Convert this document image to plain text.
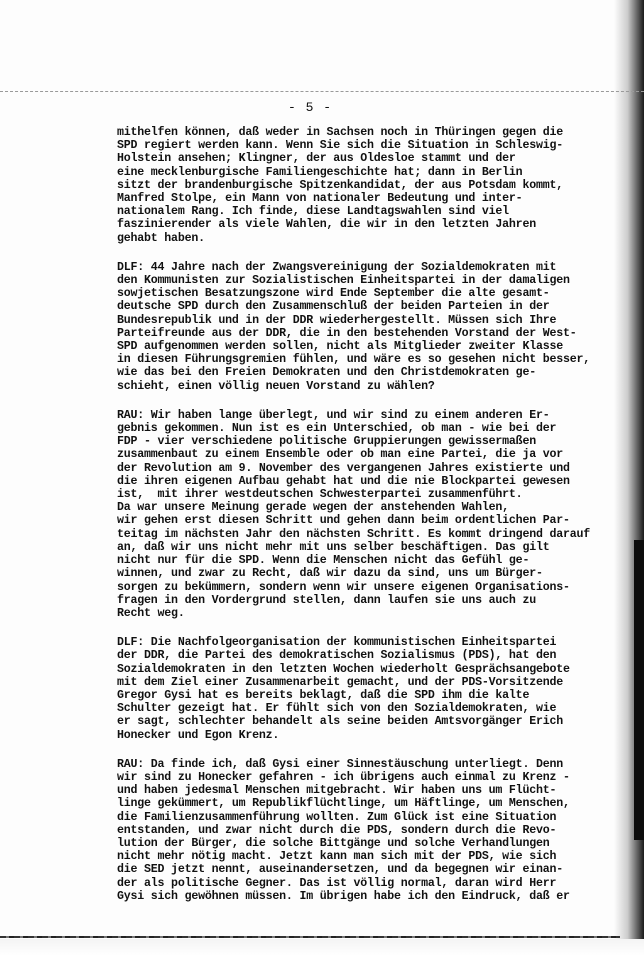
- 5 -
mithelfen können, daß weder in Sachsen noch in Thüringen gegen die
SPD regiert werden kann. Wenn Sie sich die Situation in Schleswig-
Holstein ansehen; Klingner, der aus Oldesloe stammt und der
eine mecklenburgische Familiengeschichte hat; dann in Berlin
sitzt der brandenburgische Spitzenkandidat, der aus Potsdam kommt,
Manfred Stolpe, ein Mann von nationaler Bedeutung und inter-
nationalem Rang. Ich finde, diese Landtagswahlen sind viel
faszinierender als viele Wahlen, die wir in den letzten Jahren
gehabt haben.
DLF: 44 Jahre nach der Zwangsvereinigung der Sozialdemokraten mit
den Kommunisten zur Sozialistischen Einheitspartei in der damaligen
sowjetischen Besatzungszone wird Ende September die alte gesamt-
deutsche SPD durch den Zusammenschluß der beiden Parteien in der
Bundesrepublik und in der DDR wiederhergestellt. Müssen sich Ihre
Parteifreunde aus der DDR, die in den bestehenden Vorstand der West-
SPD aufgenommen werden sollen, nicht als Mitglieder zweiter Klasse
in diesen Führungsgremien fühlen, und wäre es so gesehen nicht besser,
wie das bei den Freien Demokraten und den Christdemokraten ge-
schieht, einen völlig neuen Vorstand zu wählen?
RAU: Wir haben lange überlegt, und wir sind zu einem anderen Er-
gebnis gekommen. Nun ist es ein Unterschied, ob man - wie bei der
FDP - vier verschiedene politische Gruppierungen gewissermaßen
zusammenbaut zu einem Ensemble oder ob man eine Partei, die ja vor
der Revolution am 9. November des vergangenen Jahres existierte und
die ihren eigenen Aufbau gehabt hat und die nie Blockpartei gewesen
ist,  mit ihrer westdeutschen Schwesterpartei zusammenführt.
Da war unsere Meinung gerade wegen der anstehenden Wahlen,
wir gehen erst diesen Schritt und gehen dann beim ordentlichen Par-
teitag im nächsten Jahr den nächsten Schritt. Es kommt dringend darauf
an, daß wir uns nicht mehr mit uns selber beschäftigen. Das gilt
nicht nur für die SPD. Wenn die Menschen nicht das Gefühl ge-
winnen, und zwar zu Recht, daß wir dazu da sind, uns um Bürger-
sorgen zu bekümmern, sondern wenn wir unsere eigenen Organisations-
fragen in den Vordergrund stellen, dann laufen sie uns auch zu
Recht weg.
DLF: Die Nachfolgeorganisation der kommunistischen Einheitspartei
der DDR, die Partei des demokratischen Sozialismus (PDS), hat den
Sozialdemokraten in den letzten Wochen wiederholt Gesprächsangebote
mit dem Ziel einer Zusammenarbeit gemacht, und der PDS-Vorsitzende
Gregor Gysi hat es bereits beklagt, daß die SPD ihm die kalte
Schulter gezeigt hat. Er fühlt sich von den Sozialdemokraten, wie
er sagt, schlechter behandelt als seine beiden Amtsvorgänger Erich
Honecker und Egon Krenz.
RAU: Da finde ich, daß Gysi einer Sinnestäuschung unterliegt. Denn
wir sind zu Honecker gefahren - ich übrigens auch einmal zu Krenz -
und haben jedesmal Menschen mitgebracht. Wir haben uns um Flücht-
linge gekümmert, um Republikflüchtlinge, um Häftlinge, um Menschen,
die Familienzusammenführung wollten. Zum Glück ist eine Situation
entstanden, und zwar nicht durch die PDS, sondern durch die Revo-
lution der Bürger, die solche Bittgänge und solche Verhandlungen
nicht mehr nötig macht. Jetzt kann man sich mit der PDS, wie sich
die SED jetzt nennt, auseinandersetzen, und da begegnen wir einan-
der als politische Gegner. Das ist völlig normal, daran wird Herr
Gysi sich gewöhnen müssen. Im übrigen habe ich den Eindruck, daß er
